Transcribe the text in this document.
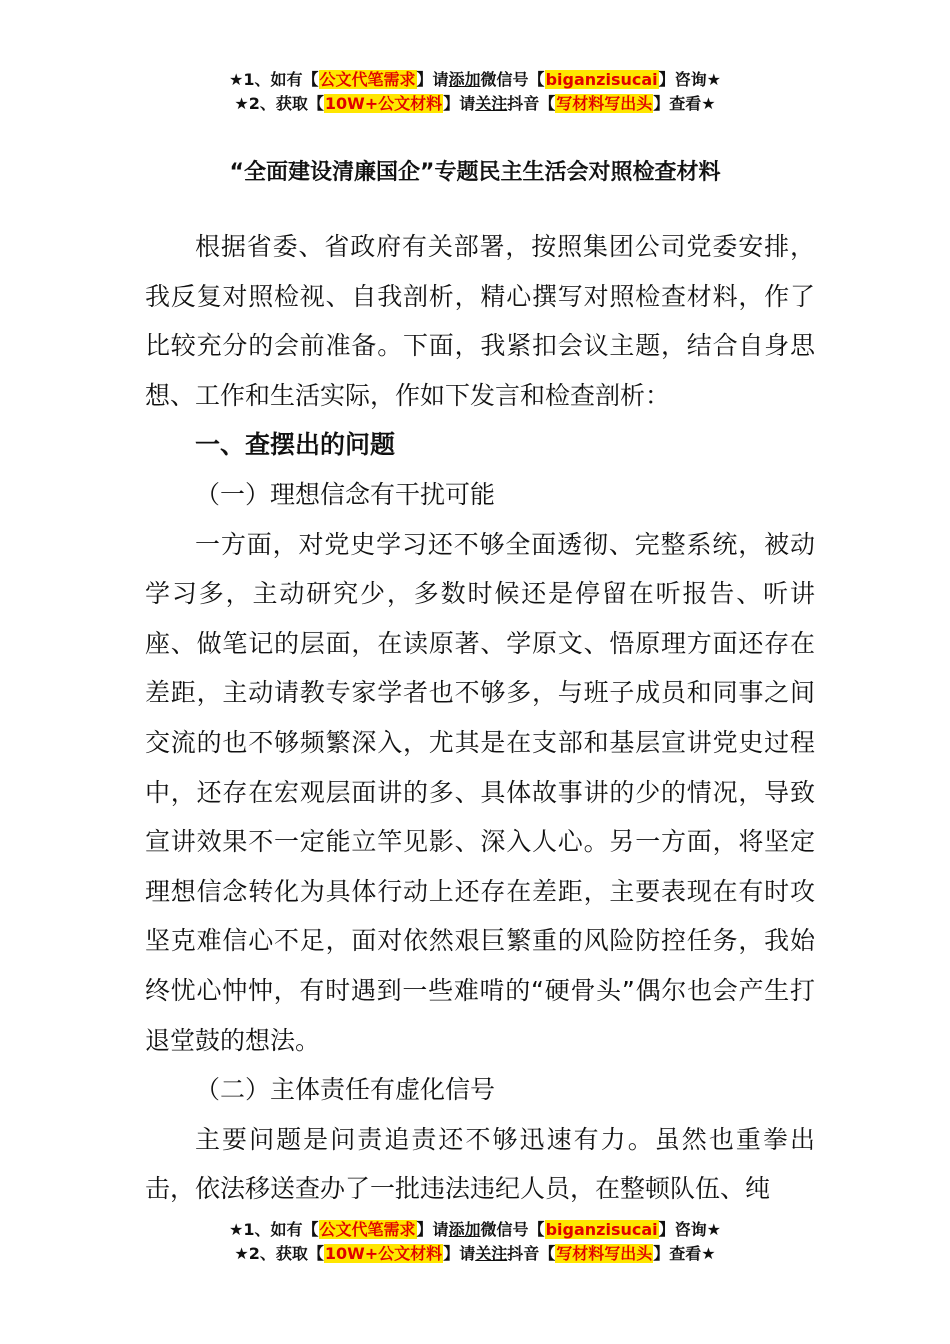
★1、如有【公文代笔需求】请添加微信号【biganzisucai】咨询★
★2、获取【10W+公文材料】请关注抖音【写材料写出头】查看★
“全面建设清廉国企”专题民主生活会对照检查材料

根据省委、省政府有关部署，按照集团公司党委安排，我反复对照检视、自我剖析，精心撰写对照检查材料，作了比较充分的会前准备。下面，我紧扣会议主题，结合自身思想、工作和生活实际，作如下发言和检查剖析：

一、查摆出的问题

（一）理想信念有干扰可能

一方面，对党史学习还不够全面透彻、完整系统，被动学习多，主动研究少，多数时候还是停留在听报告、听讲座、做笔记的层面，在读原著、学原文、悟原理方面还存在差距，主动请教专家学者也不够多，与班子成员和同事之间交流的也不够频繁深入，尤其是在支部和基层宣讲党史过程中，还存在宏观层面讲的多、具体故事讲的少的情况，导致宣讲效果不一定能立竿见影、深入人心。另一方面，将坚定理想信念转化为具体行动上还存在差距，主要表现在有时攻坚克难信心不足，面对依然艰巨繁重的风险防控任务，我始终忧心忡忡，有时遇到一些难啃的“硬骨头”偶尔也会产生打退堂鼓的想法。

（二）主体责任有虚化信号

主要问题是问责追责还不够迅速有力。虽然也重拳出击，依法移送查办了一批违法违纪人员，在整顿队伍、纯

★1、如有【公文代笔需求】请添加微信号【biganzisucai】咨询★
★2、获取【10W+公文材料】请关注抖音【写材料写出头】查看★
